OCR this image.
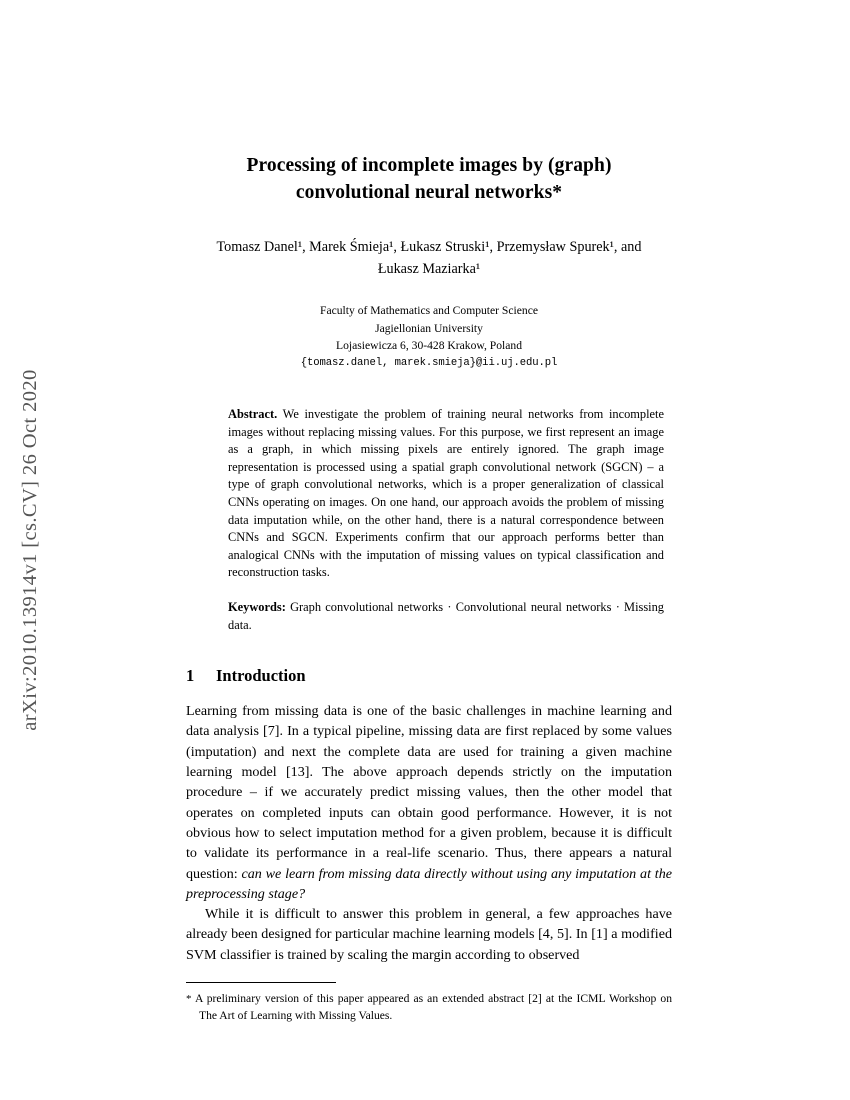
arXiv:2010.13914v1 [cs.CV] 26 Oct 2020
Processing of incomplete images by (graph)
convolutional neural networks*
Tomasz Danel¹, Marek Śmieja¹, Łukasz Struski¹, Przemysław Spurek¹, and
Łukasz Maziarka¹
Faculty of Mathematics and Computer Science
Jagiellonian University
Lojasiewicza 6, 30-428 Krakow, Poland
{tomasz.danel, marek.smieja}@ii.uj.edu.pl
Abstract. We investigate the problem of training neural networks from incomplete images without replacing missing values. For this purpose, we first represent an image as a graph, in which missing pixels are entirely ignored. The graph image representation is processed using a spatial graph convolutional network (SGCN) – a type of graph convolutional networks, which is a proper generalization of classical CNNs operating on images. On one hand, our approach avoids the problem of missing data imputation while, on the other hand, there is a natural correspondence between CNNs and SGCN. Experiments confirm that our approach performs better than analogical CNNs with the imputation of missing values on typical classification and reconstruction tasks.
Keywords: Graph convolutional networks · Convolutional neural networks · Missing data.
1	Introduction
Learning from missing data is one of the basic challenges in machine learning and data analysis [7]. In a typical pipeline, missing data are first replaced by some values (imputation) and next the complete data are used for training a given machine learning model [13]. The above approach depends strictly on the imputation procedure – if we accurately predict missing values, then the other model that operates on completed inputs can obtain good performance. However, it is not obvious how to select imputation method for a given problem, because it is difficult to validate its performance in a real-life scenario. Thus, there appears a natural question: can we learn from missing data directly without using any imputation at the preprocessing stage?
While it is difficult to answer this problem in general, a few approaches have already been designed for particular machine learning models [4, 5]. In [1] a modified SVM classifier is trained by scaling the margin according to observed
* A preliminary version of this paper appeared as an extended abstract [2] at the ICML Workshop on The Art of Learning with Missing Values.
